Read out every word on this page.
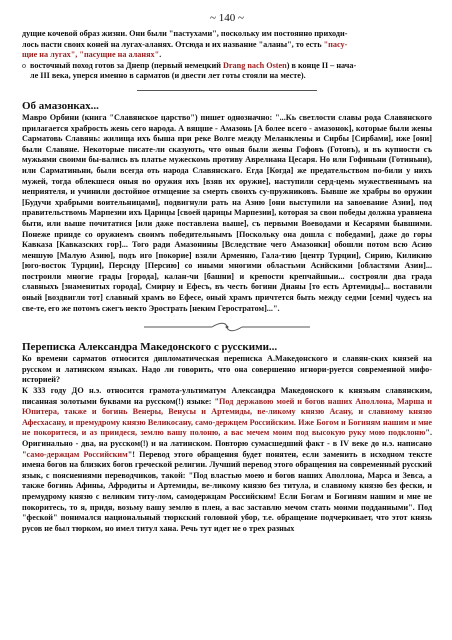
~ 140 ~

дущие кочевой образ жизни. Они были "пастухами", поскольку им постоянно приходи-
лось пасти своих коней на лугах-аланях. Отсюда и их название "аланы", то есть "пасу-
щие на лугах", "пасущие на аланях".

o восточный поход готов за Днепр (первый немецкий Drang nach Osten) в конце II – нача-
ле III века, уперся именно в сарматов (и двести лет готы стояли на месте).

Об амазонках...

Мавро Орбини (книга "Славянское царство") пишет однозначно: "...Кь светлости славы рода Славянского прилагается храбрость жень сего народа. А вящше - Амазонь [А более всего - амазонок], которые были жены Сарматовь Славянь: жилища ихъ быша при реке Волге между Меланклены и Сирбы [Сирбами], иже [они] были Славяне. Некоторые писате-ли сказують, что оныя были жены Гофовъ (Готовъ), и въ купности съ мужьями своими бы-вались въ платье мужескомь противу Аврелиана Цесаря. Но или Гофиньни (Готиньни), или Сарматиньни, были всегда оть народа Славянскаго. Егда [Когда] же предательством по-били у нихъ мужей, тогда облекшеся оныя во оружия ихъ [взяв их оружие], наступили серд-цемь мужественнымъ на неприятеля, и учинили достойное отмщение за смерть своихъ су-пружниковъ. Бывше же храбры во оружии [Будучи храбрыми воительницами], подвигнули рать на Азию [они выступили на завоевание Азии], под правительствомь Марпезии ихъ Царицы [своей царицы Марпезии], которая за свои победы должна уравнена быти, или выше почитатися [или даже поставлена выше], съ первыми Воеводами и Кесарями бывшими. Понеже принде со оружиемъ своимъ победительнымъ [Поскольку она дошла с победами], даже до горы Кавказа [Кавказских гор]... Того ради Амазонины [Вследствие чего Амазонки] обошли потом всю Асию меншую [Малую Азию], подъ иго [покорие] взяли Арменню, Гала-тию [центр Турции], Сирию, Киликию [юго-восток Турции], Персиду [Персию] со иными многими областьми Асийскими [областями Азии]... построили многие грады [города], калан-чи [башни] и крепости крепчайшыи... сострояли два града славныхъ [знаменитых города], Смирну и Ефесъ, въ честь богини Дианы [то есть Артемиды]... воставили оный [воздвигли тот] славный храмъ во Ефесе, оный храмъ причтется быть между седми [семи] чудесъ на све-те, его же потомъ сжегъ некто Эрострать [неким Геростратом]...".

Переписка Александра Македонского с русскими...

Ко времени сарматов относится дипломатическая переписка А.Македонского и славян-ских князей на русском и латинском языках. Надо ли говорить, что она совершенно игнори-руется современной мифо-историей?

К 333 году ДО н.э. относится грамота-ультиматум Александра Македонского к князьям славянским, писанная золотыми буквами на русском(!) языке: "Под державою моей и богов наших Аполлона, Марша и Юпитера, также и богинь Венеры, Венусы и Артемиды, ве-ликому князю Асану, и славному князю Афесхасану, и премудрому князю Великосану, само-держцем Российским. Иже Богом и Богиням нашим и мне не покоритеся, и аз приидеся, землю вашу полоню, а вас мечем моим под высокую руку мою подклоню". Оригинально - два, на русском(!) и на латинском. Повторю сумасшедший факт - в IV веке до н.э. написано "само-держцам Российским"! Перевод этого обращения будет понятен, если заменить в исходном тексте имена богов на близких богов греческой религии. Лучший перевод этого обращения на современный русский язык, с пояснениями переводчиков, такой: "Под властью моею и богов наших Аполлона, Марса и Зевса, а также богинь Афины, Афродиты и Артемиды, ве-ликому князю без титула, и славному князю без фески, и премудрому князю с великим титу-лом, самодержцам Российским! Если Богам и Богиням нашим и мне не покоритесь, то я, придя, возьму вашу землю в плен, а вас заставлю мечом стать моими подданными". Под "феской" понимался национальный тюркский головной убор, т.е. обращение подчеркивает, что этот князь русов не был тюрком, но имел титул хана. Речь тут идет не о трех разных
